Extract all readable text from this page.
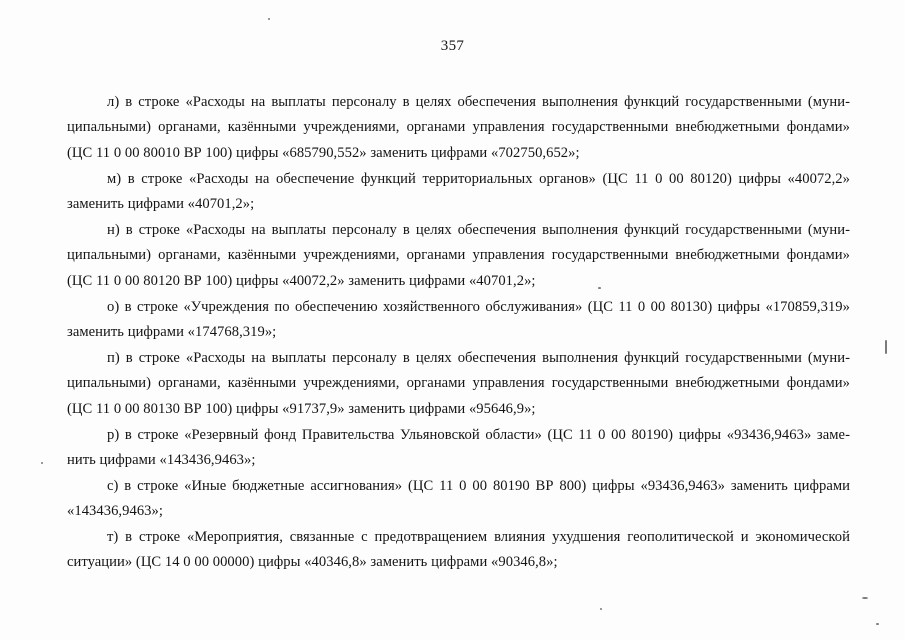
357
л) в строке «Расходы на выплаты персоналу в целях обеспечения выполнения функций государственными (муни-
ципальными) органами, казёнными учреждениями, органами управления государственными внебюджетными фондами»
(ЦС 11 0 00 80010 ВР 100) цифры «685790,552» заменить цифрами «702750,652»;
м) в строке «Расходы на обеспечение функций территориальных органов» (ЦС 11 0 00 80120) цифры «40072,2»
заменить цифрами «40701,2»;
н) в строке «Расходы на выплаты персоналу в целях обеспечения выполнения функций государственными (муни-
ципальными) органами, казёнными учреждениями, органами управления государственными внебюджетными фондами»
(ЦС 11 0 00 80120 ВР 100) цифры «40072,2» заменить цифрами «40701,2»;
о) в строке «Учреждения по обеспечению хозяйственного обслуживания» (ЦС 11 0 00 80130) цифры «170859,319»
заменить цифрами «174768,319»;
п) в строке «Расходы на выплаты персоналу в целях обеспечения выполнения функций государственными (муни-
ципальными) органами, казёнными учреждениями, органами управления государственными внебюджетными фондами»
(ЦС 11 0 00 80130 ВР 100) цифры «91737,9» заменить цифрами «95646,9»;
р) в строке «Резервный фонд Правительства Ульяновской области» (ЦС 11 0 00 80190) цифры «93436,9463» заме-
нить цифрами «143436,9463»;
с) в строке «Иные бюджетные ассигнования» (ЦС 11 0 00 80190 ВР 800) цифры «93436,9463» заменить цифрами
«143436,9463»;
т) в строке «Мероприятия, связанные с предотвращением влияния ухудшения геополитической и экономической
ситуации» (ЦС 14 0 00 00000) цифры «40346,8» заменить цифрами «90346,8»;
